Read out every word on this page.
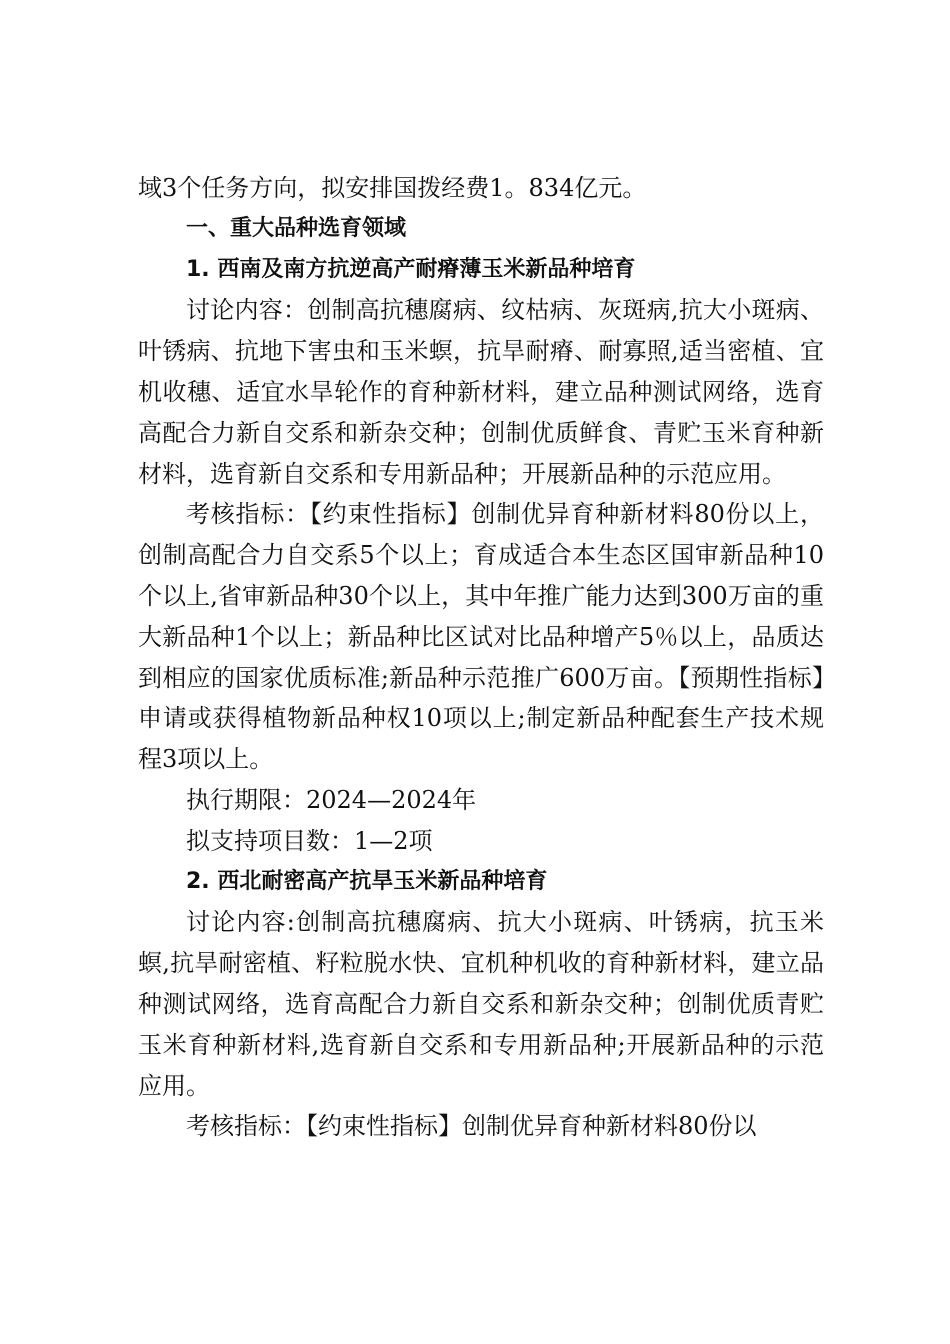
域3个任务方向，拟安排国拨经费1。834亿元。

一、重大品种选育领域

1. 西南及南方抗逆高产耐瘠薄玉米新品种培育

讨论内容：创制高抗穗腐病、纹枯病、灰斑病,抗大小斑病、叶锈病、抗地下害虫和玉米螟，抗旱耐瘠、耐寡照,适当密植、宜机收穗、适宜水旱轮作的育种新材料，建立品种测试网络，选育高配合力新自交系和新杂交种；创制优质鲜食、青贮玉米育种新材料，选育新自交系和专用新品种；开展新品种的示范应用。

考核指标：【约束性指标】创制优异育种新材料80份以上，创制高配合力自交系5个以上；育成适合本生态区国审新品种10个以上,省审新品种30个以上，其中年推广能力达到300万亩的重大新品种1个以上；新品种比区试对比品种增产5％以上，品质达到相应的国家优质标准;新品种示范推广600万亩。【预期性指标】申请或获得植物新品种权10项以上;制定新品种配套生产技术规程3项以上。

执行期限：2024—2024年

拟支持项目数：1—2项

2. 西北耐密高产抗旱玉米新品种培育

讨论内容:创制高抗穗腐病、抗大小斑病、叶锈病，抗玉米螟,抗旱耐密植、籽粒脱水快、宜机种机收的育种新材料，建立品种测试网络，选育高配合力新自交系和新杂交种；创制优质青贮玉米育种新材料,选育新自交系和专用新品种;开展新品种的示范应用。

考核指标：【约束性指标】创制优异育种新材料80份以
